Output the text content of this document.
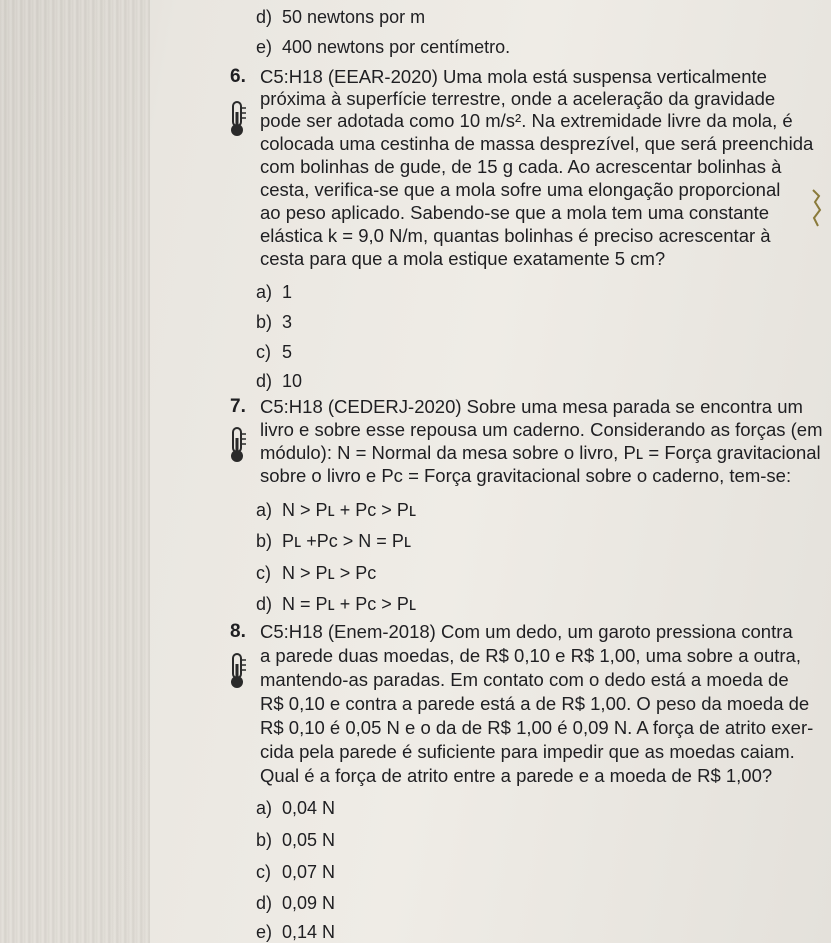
d) 50 newtons por m
e) 400 newtons por centímetro.
6. C5:H18 (EEAR-2020) Uma mola está suspensa verticalmente
próxima à superfície terrestre, onde a aceleração da gravidade
pode ser adotada como 10 m/s². Na extremidade livre da mola, é
colocada uma cestinha de massa desprezível, que será preenchida
com bolinhas de gude, de 15 g cada. Ao acrescentar bolinhas à
cesta, verifica-se que a mola sofre uma elongação proporcional
ao peso aplicado. Sabendo-se que a mola tem uma constante
elástica k = 9,0 N/m, quantas bolinhas é preciso acrescentar à
cesta para que a mola estique exatamente 5 cm?
a) 1
b) 3
c) 5
d) 10
7. C5:H18 (CEDERJ-2020) Sobre uma mesa parada se encontra um
livro e sobre esse repousa um caderno. Considerando as forças (em
módulo): N = Normal da mesa sobre o livro, Pʟ = Força gravitacional
sobre o livro e Pᴄ = Força gravitacional sobre o caderno, tem-se:
a) N > Pʟ + Pᴄ > Pʟ
b) Pʟ +Pᴄ > N = Pʟ
c) N > Pʟ > Pᴄ
d) N = Pʟ + Pᴄ > Pʟ
8. C5:H18 (Enem-2018) Com um dedo, um garoto pressiona contra
a parede duas moedas, de R$ 0,10 e R$ 1,00, uma sobre a outra,
mantendo-as paradas. Em contato com o dedo está a moeda de
R$ 0,10 e contra a parede está a de R$ 1,00. O peso da moeda de
R$ 0,10 é 0,05 N e o da de R$ 1,00 é 0,09 N. A força de atrito exer-
cida pela parede é suficiente para impedir que as moedas caiam.
Qual é a força de atrito entre a parede e a moeda de R$ 1,00?
a) 0,04 N
b) 0,05 N
c) 0,07 N
d) 0,09 N
e) 0,14 N
